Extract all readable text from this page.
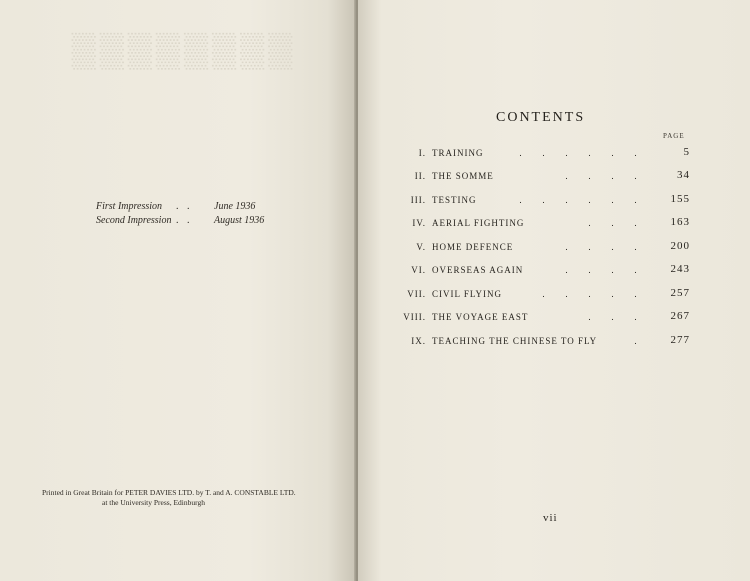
▒▒▒▒▒▒▒▒
First Impression . . June 1936
Second Impression . . August 1936
Printed in Great Britain for PETER DAVIES LTD. by T. and A. CONSTABLE LTD.
at the University Press, Edinburgh
CONTENTS
PAGE
I. TRAINING	. . . . . .	5
II. THE SOMME	. . . .	34
III. TESTING	. . . . . .	155
IV. AERIAL FIGHTING	. . .	163
V. HOME DEFENCE	. . . .	200
VI. OVERSEAS AGAIN	. . . .	243
VII. CIVIL FLYING	. . . . .	257
VIII. THE VOYAGE EAST	. . .	267
IX. TEACHING THE CHINESE TO FLY	.	277
vii
